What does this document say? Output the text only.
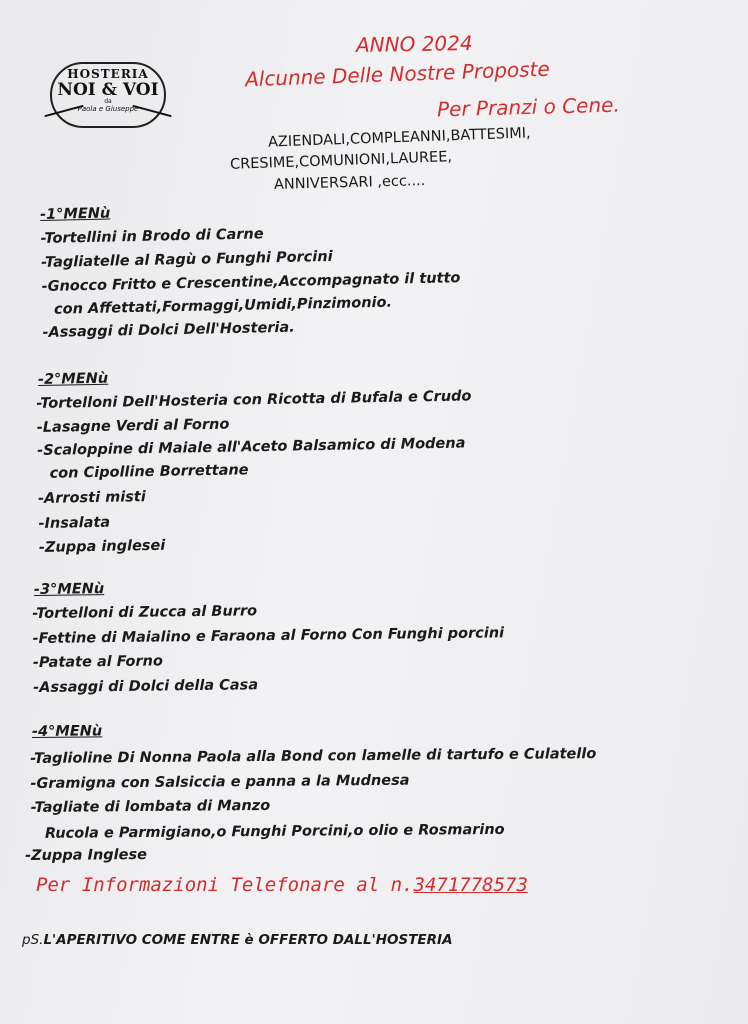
HOSTERIA
NOI & VOI
da
Paola e Giuseppe
ANNO 2024
Alcunne Delle Nostre Proposte
Per Pranzi o Cene.
AZIENDALI,COMPLEANNI,BATTESIMI,
CRESIME,COMUNIONI,LAUREE,
ANNIVERSARI ,ecc....
-1°MENù
-Tortellini in Brodo di Carne
-Tagliatelle al Ragù o Funghi Porcini
-Gnocco Fritto e Crescentine,Accompagnato il tutto
con Affettati,Formaggi,Umidi,Pinzimonio.
-Assaggi di Dolci Dell'Hosteria.
-2°MENù
-Tortelloni Dell'Hosteria con Ricotta di Bufala e Crudo
-Lasagne Verdi al Forno
-Scaloppine di Maiale all'Aceto Balsamico di Modena
con Cipolline Borrettane
-Arrosti misti
-Insalata
-Zuppa inglesei
-3°MENù
-Tortelloni di Zucca al Burro
-Fettine di Maialino e Faraona al Forno Con Funghi porcini
-Patate al Forno
-Assaggi di Dolci della Casa
-4°MENù
-Taglioline Di Nonna Paola alla Bond con lamelle di tartufo e Culatello
-Gramigna con Salsiccia e panna a la Mudnesa
-Tagliate di lombata di Manzo
Rucola e Parmigiano,o Funghi Porcini,o olio e Rosmarino
-Zuppa Inglese
Per Informazioni Telefonare al n.3471778573
pS.L'APERITIVO COME ENTRE è OFFERTO DALL'HOSTERIA
